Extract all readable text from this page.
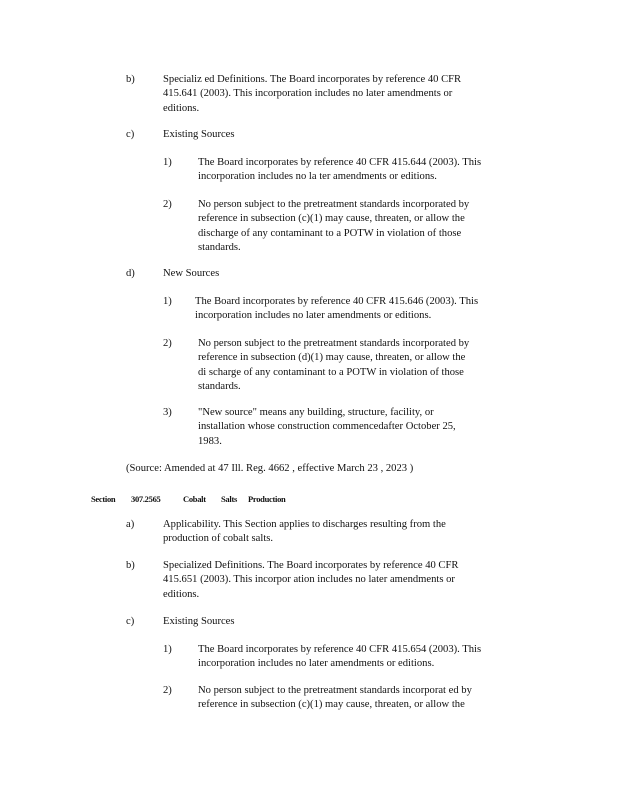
b)	Specializ ed Definitions. The Board incorporates by reference 40 CFR
415.641 (2003). This incorporation includes no later amendments or
editions.
c)	Existing Sources
1)	The Board incorporates by reference 40 CFR 415.644 (2003). This
incorporation includes no la ter amendments or editions.
2)	No person subject to the pretreatment standards incorporated by
reference in subsection (c)(1) may cause, threaten, or allow the
discharge of any contaminant to a POTW in violation of those
standards.
d)	New Sources
1)	The Board incorporates by reference 40 CFR 415.646 (2003). This
incorporation includes no later amendments or editions.
2)	No person subject to the pretreatment standards incorporated by
reference in subsection (d)(1) may cause, threaten, or allow the
di scharge of any contaminant to a POTW in violation of those
standards.
3)	"New source" means any building, structure, facility, or
installation whose construction commencedafter October 25,
1983.
(Source: Amended at 47 Ill. Reg. 4662 , effective March 23 , 2023 )
Section 307.2565	Cobalt Salts Production
a)	Applicability. This Section applies to discharges resulting from the
production of cobalt salts.
b)	Specialized Definitions. The Board incorporates by reference 40 CFR
415.651 (2003). This incorpor ation includes no later amendments or
editions.
c)	Existing Sources
1)	The Board incorporates by reference 40 CFR 415.654 (2003). This
incorporation includes no later amendments or editions.
2)	No person subject to the pretreatment standards incorporat ed by
reference in subsection (c)(1) may cause, threaten, or allow the
